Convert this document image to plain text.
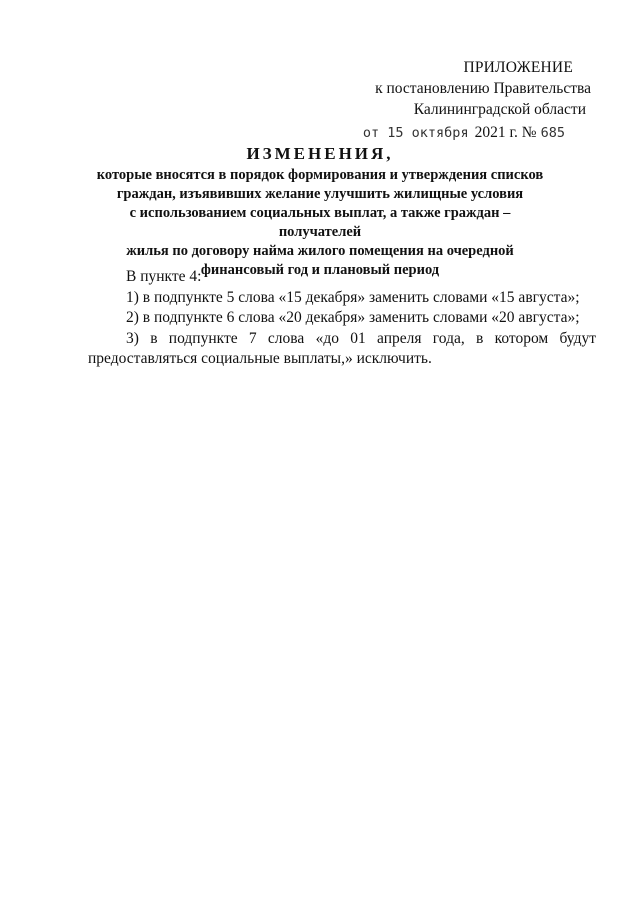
ПРИЛОЖЕНИЕ
к постановлению Правительства
Калининградской области
от 15 октября 2021 г. № 685
ИЗМЕНЕНИЯ,
которые вносятся в порядок формирования и утверждения списков
граждан, изъявивших желание улучшить жилищные условия
с использованием социальных выплат, а также граждан – получателей
жилья по договору найма жилого помещения на очередной
финансовый год и плановый период
В пункте 4:
1) в подпункте 5 слова «15 декабря» заменить словами «15 августа»;
2) в подпункте 6 слова «20 декабря» заменить словами «20 августа»;
3) в подпункте 7 слова «до 01 апреля года, в котором будут предоставляться социальные выплаты,» исключить.
